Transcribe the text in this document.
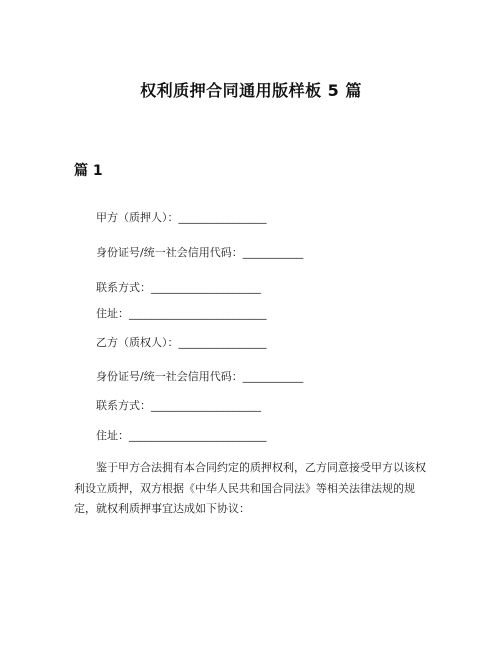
权利质押合同通用版样板 5 篇
篇 1
甲方（质押人）：________________
身份证号/统一社会信用代码：___________
联系方式：____________________
住址：_________________________
乙方（质权人）：________________
身份证号/统一社会信用代码：___________
联系方式：____________________
住址：_________________________
鉴于甲方合法拥有本合同约定的质押权利，乙方同意接受甲方以该权利设立质押，双方根据《中华人民共和国合同法》等相关法律法规的规定，就权利质押事宜达成如下协议：
